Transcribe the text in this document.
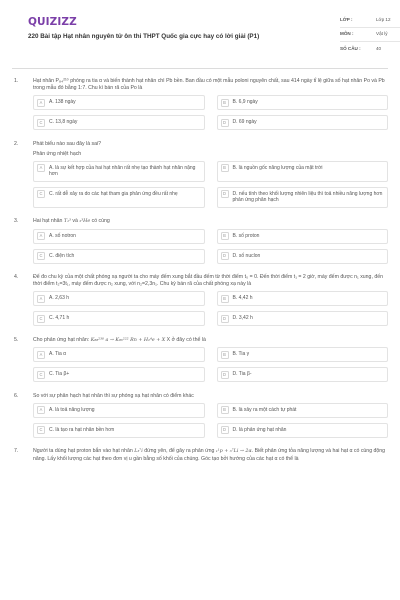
QUIZIZZ
220 Bài tập Hạt nhân nguyên tử ôn thi THPT Quốc gia cực hay có lời giải (P1)
LỚP :	Lớp 12
MÔN :	Vật lý
SỐ CÂU :	40
1.	Hạt nhân P₈₄²¹⁰ phóng ra tia α và biến thành hạt nhân chì Pb bền. Ban đầu có một mẫu poloni nguyên chất, sau 414 ngày tỉ lệ giữa số hạt nhân Po và Pb trong mẫu đó bằng 1:7. Chu kì bán rã của Po là
A	A. 138 ngày	B	B. 6,9 ngày
C	C. 13,8 ngày	D	D. 69 ngày
2.	Phát biểu nào sau đây là sai?
Phản ứng nhiệt hạch
A	A. là sự kết hợp của hai hạt nhân rất nhẹ tạo thành hạt nhân nặng hơn
B	B. là nguồn gốc năng lượng của mặt trời
C	C. rất dễ xảy ra do các hạt tham gia phản ứng đều rất nhẹ	D	D. nếu tính theo khối lượng nhiên liệu thì toả nhiều năng lượng hơn phản ứng phân hạch
3.	Hai hạt nhân T₁³ và ₂³He có cùng
A	A. số notron	B	B. số proton
C	C. điện tích	D	D. số nuclon
4.	Để đo chu kỳ của một chất phóng xạ người ta cho máy đếm xung bắt đầu đếm từ thời điểm t₀ = 0. Đến thời điểm t₁ = 2 giờ, máy đếm được n₁ xung, đến thời điểm t₂=3t₁, máy đếm được n₂ xung, với n₂=2,3n₁. Chu kỳ bán rã của chất phóng xạ này là
A	A. 2,63 h	B	B. 4,42 h
C	C. 4,71 h	D	D. 3,42 h
5.	Cho phản ứng hạt nhân: K₈₈²³⁰ a → K₈₆²²² Rn + H₂⁴e + X X ở đây có thể là
A	A. Tia α	B	B. Tia γ
C	C. Tia β+	D	D. Tia β-
6.	So với sự phân hạch hạt nhân thì sự phóng xạ hạt nhân có điểm khác
A	A. là toả năng lượng	B	B. là xảy ra một cách tự phát
C	C. là tạo ra hạt nhân bền hơn	D	D. là phản ứng hạt nhân
7.	Người ta dùng hạt proton bắn vào hạt nhân L₃⁷i đứng yên, để gây ra phản ứng ₁¹p + ₃⁷Li → 2α. Biết phản ứng tỏa năng lượng và hai hạt α có cùng động năng. Lấy khối lượng các hạt theo đơn vị u gần bằng số khối của chúng. Góc tạo bởi hướng của các hạt α có thể là
